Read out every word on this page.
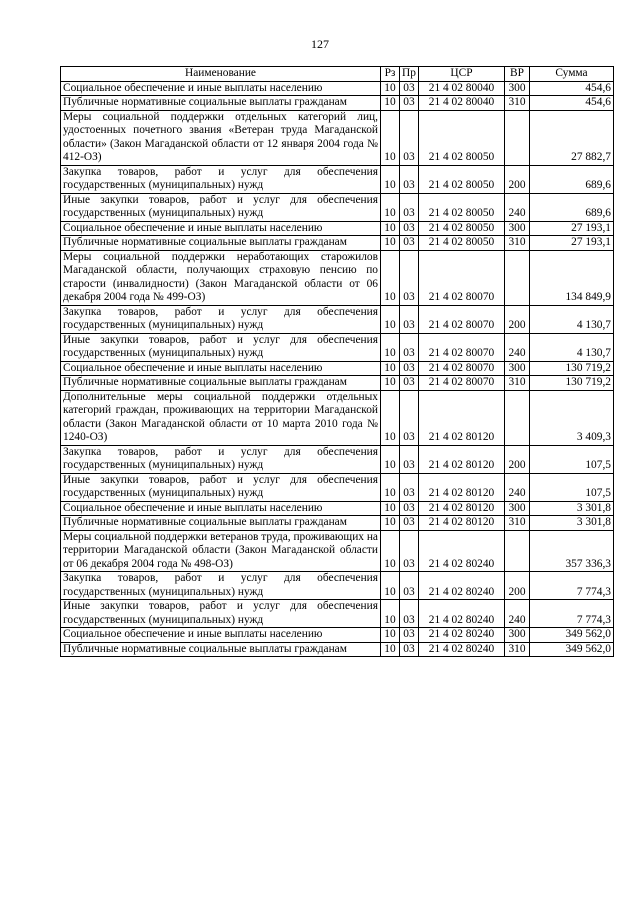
127
Наименование	Рз	Пр	ЦСР	ВР	Сумма
Социальное обеспечение и иные выплаты населению	10	03	21 4 02 80040	300	454,6
Публичные нормативные социальные выплаты гражданам	10	03	21 4 02 80040	310	454,6
Меры социальной поддержки отдельных категорий лиц, удостоенных почетного звания «Ветеран труда Магаданской области» (Закон Магаданской области от 12 января 2004 года № 412-ОЗ)	10	03	21 4 02 80050		27 882,7
Закупка товаров, работ и услуг для обеспечения государственных (муниципальных) нужд	10	03	21 4 02 80050	200	689,6
Иные закупки товаров, работ и услуг для обеспечения государственных (муниципальных) нужд	10	03	21 4 02 80050	240	689,6
Социальное обеспечение и иные выплаты населению	10	03	21 4 02 80050	300	27 193,1
Публичные нормативные социальные выплаты гражданам	10	03	21 4 02 80050	310	27 193,1
Меры социальной поддержки неработающих старожилов Магаданской области, получающих страховую пенсию по старости (инвалидности) (Закон Магаданской области от 06 декабря 2004 года № 499-ОЗ)	10	03	21 4 02 80070		134 849,9
Закупка товаров, работ и услуг для обеспечения государственных (муниципальных) нужд	10	03	21 4 02 80070	200	4 130,7
Иные закупки товаров, работ и услуг для обеспечения государственных (муниципальных) нужд	10	03	21 4 02 80070	240	4 130,7
Социальное обеспечение и иные выплаты населению	10	03	21 4 02 80070	300	130 719,2
Публичные нормативные социальные выплаты гражданам	10	03	21 4 02 80070	310	130 719,2
Дополнительные меры социальной поддержки отдельных категорий граждан, проживающих на территории Магаданской области (Закон Магаданской области от 10 марта 2010 года № 1240-ОЗ)	10	03	21 4 02 80120		3 409,3
Закупка товаров, работ и услуг для обеспечения государственных (муниципальных) нужд	10	03	21 4 02 80120	200	107,5
Иные закупки товаров, работ и услуг для обеспечения государственных (муниципальных) нужд	10	03	21 4 02 80120	240	107,5
Социальное обеспечение и иные выплаты населению	10	03	21 4 02 80120	300	3 301,8
Публичные нормативные социальные выплаты гражданам	10	03	21 4 02 80120	310	3 301,8
Меры социальной поддержки ветеранов труда, проживающих на территории Магаданской области (Закон Магаданской области от 06 декабря 2004 года № 498-ОЗ)	10	03	21 4 02 80240		357 336,3
Закупка товаров, работ и услуг для обеспечения государственных (муниципальных) нужд	10	03	21 4 02 80240	200	7 774,3
Иные закупки товаров, работ и услуг для обеспечения государственных (муниципальных) нужд	10	03	21 4 02 80240	240	7 774,3
Социальное обеспечение и иные выплаты населению	10	03	21 4 02 80240	300	349 562,0
Публичные нормативные социальные выплаты гражданам	10	03	21 4 02 80240	310	349 562,0
